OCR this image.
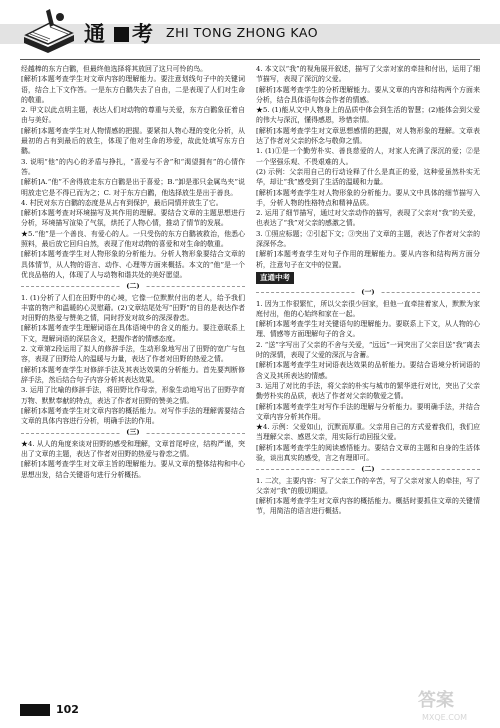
通 考 ZHI TONG ZHONG KAO

经越棒的东方白鹳，但最终他选择将其放回了这只可怜的鸟。

[解析]本题考查学生对文章内容的理解能力。要注意划线句子中的关键词语，结合上下文作答。一是东方白鹳失去了自由，二是表现了人们对生命的敬重。

2. 甲文以此点明主题，表达人们对动物的尊重与关爱，东方白鹳象征着自由与美好。

[解析]本题考查学生对人物情感的把握。要紧扣人物心理的变化分析，从最初的占有到最后的放生，体现了他对生命的珍爱，故此处填写东方白鹳。

3. 说明“他”的内心的矛盾与挣扎，“喜爱与不舍”和“渴望拥有”的心情作答。

[解析]A.“他”不舍得放走东方白鹳是出于喜爱；B.“卸是那只金属鸟夹”说明放走它是不得已而为之；C. 对于东方白鹳，他选择放生是出于善良。

4. 村民对东方白鹳的态度是从占有到保护，最后同情并放生了它。

[解析]本题考查对环境描写及其作用的理解。要结合文章的主题思想进行分析，环境描写渲染了气氛，烘托了人物心情，推动了情节的发展。

★5.“他”是一个善良、有爱心的人。一只受伤的东方白鹳被救治，他悉心照料，最后放它回归自然，表现了他对动物的喜爱和对生命的敬重。

[解析]本题考查学生对人物形象的分析能力。分析人物形象要结合文章的具体情节，从人物的语言、动作、心理等方面来概括。本文的“他”是一个优良品格的人，体现了人与动物和谐共处的美好愿望。

(二)

1. (1)分析了人们在田野中的心境，它像一位默默付出的老人，给予我们丰富的物产和温暖的心灵慰藉。(2)文章结尾处写“田野”的目的是表达作者对田野的热爱与赞美之情，同时抒发对故乡的深深眷恋。

[解析]本题考查学生理解词语在具体语境中的含义的能力。要注意联系上下文，理解词语的深层含义，把握作者的情感态度。

2. 文章第2段运用了拟人的修辞手法，生动形象地写出了田野的宽广与包容，表现了田野给人的温暖与力量，表达了作者对田野的热爱之情。

[解析]本题考查学生对修辞手法及其表达效果的分析能力。首先要判断修辞手法，然后结合句子内容分析其表达效果。

3. 运用了比喻的修辞手法，将田野比作母亲，形象生动地写出了田野孕育万物、默默奉献的特点，表达了作者对田野的赞美之情。

[解析]本题考查学生对文章内容的概括能力。对写作手法的理解需要结合文章的具体内容进行分析，明确手法的作用。

(三)

★4. 从人的角度来谈对田野的感受和理解，文章首尾呼应，结构严谨，突出了文章的主题，表达了作者对田野的热爱与眷恋之情。

[解析]本题考查学生对文章主旨的理解能力。要从文章的整体结构和中心思想出发，结合关键语句进行分析概括。

4. 本文以“我”的视角展开叙述，描写了父亲对家的牵挂和付出，运用了细节描写，表现了深沉的父爱。

[解析]本题考查学生的分析理解能力。要从文章的内容和结构两个方面来分析，结合具体语句体会作者的情感。

★5. (1)能从文中人物身上的品质中体会到生活的智慧；(2)能体会到父爱的伟大与深沉，懂得感恩，珍惜亲情。

[解析]本题考查学生对文章思想感情的把握，对人物形象的理解。文章表达了作者对父亲的怀念与敬仰之情。

1. (1)①是一个勤劳朴实、善良慈爱的人，对家人充满了深沉的爱；②是一个坚强乐观、不畏艰难的人。

(2) 示例：父亲用自己的行动诠释了什么是真正的爱，这种爱虽然朴实无华，却让“我”感受到了生活的温暖和力量。

[解析]本题考查学生对人物形象的分析能力。要从文中具体的细节描写入手，分析人物的性格特点和精神品质。

2. 运用了细节描写，通过对父亲动作的描写，表现了父亲对“我”的关爱，也表达了“我”对父亲的感激之情。

3. ①照应标题；②引起下文；③突出了文章的主题，表达了作者对父亲的深深怀念。

[解析]本题考查学生对句子作用的理解能力。要从内容和结构两方面分析，注意句子在文中的位置。

直通中考
(一)

1. 因为工作很繁忙，所以父亲很少回家，但他一直牵挂着家人，默默为家庭付出，他的心始终和家在一起。

[解析]本题考查学生对关键语句的理解能力。要联系上下文，从人物的心理、情感等方面理解句子的含义。

2. “送”字写出了父亲的不舍与关爱，“远远”一词突出了父亲目送“我”离去时的深情，表现了父爱的深沉与含蓄。

[解析]本题考查学生对词语表达效果的品析能力。要结合语境分析词语的含义及其所表达的情感。

3. 运用了对比的手法，将父亲的朴实与城市的繁华进行对比，突出了父亲勤劳朴实的品质，表达了作者对父亲的敬爱之情。

[解析]本题考查学生对写作手法的理解与分析能力。要明确手法，并结合文章内容分析其作用。

★4. 示例：父爱如山，沉默而厚重。父亲用自己的方式爱着我们，我们应当理解父亲、感恩父亲，用实际行动回报父爱。

[解析]本题考查学生的阅读感悟能力。要结合文章的主题和自身的生活体验，谈出真实的感受，言之有理即可。

(二)

1. 二次，主要内容：写了父亲工作的辛苦，写了父亲对家人的牵挂，写了父亲对“我”的殷切期望。

[解析]本题考查学生对文章内容的概括能力。概括时要抓住文章的关键情节，用简洁的语言进行概括。

102	答案
MXQE.COM
